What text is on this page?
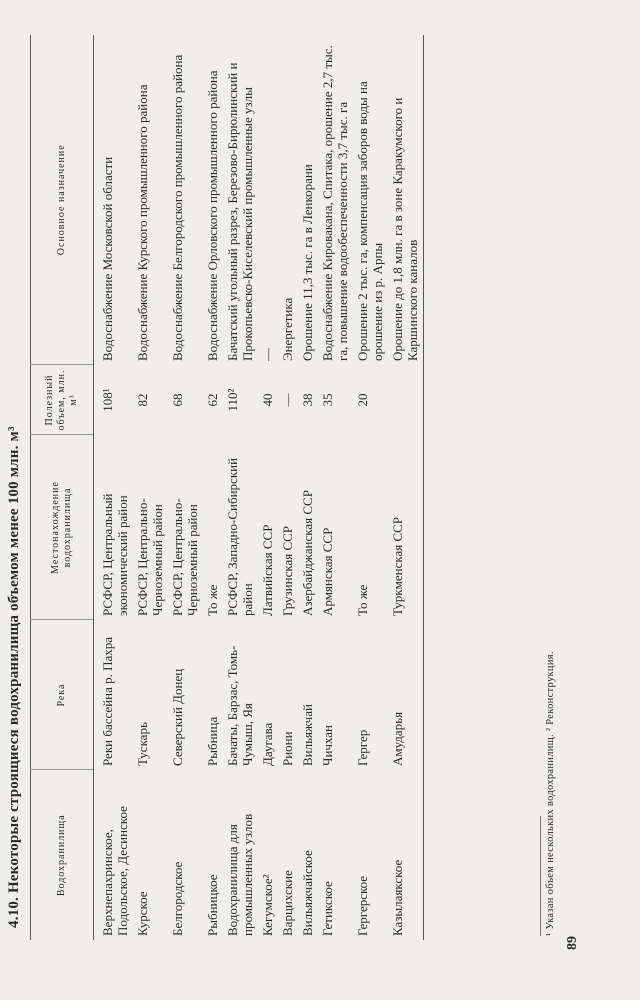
4.10. Некоторые строящиеся водохранилища объемом менее 100 млн. м³	Водохранилища	Река	Местонахождение водохранилища	Полезный объем, млн. м³	Основное назначение
Верхнепахринское, Подольское, Десинское	Реки бассейна р. Пахра	РСФСР, Центральный экономический район	108¹	Водоснабжение Московской области
Курское	Тускарь	РСФСР, Центрально-Черноземный район	82	Водоснабжение Курского промышленного района
Белгородское	Северский Донец	РСФСР, Центрально-Черноземный район	68	Водоснабжение Белгородского промышленного района
Рыбницкое	Рыбница	То же	62	Водоснабжение Орловского промышленного района
Водохранилища для промышленных узлов	Бачаты, Барзас, Томь-Чумыш, Яя	РСФСР, Западно-Сибирский район	110²	Бачатский угольный разрез, Березово-Бирюлинский и Прокопьевско-Киселевский промышленные узлы
Кегумское²	Даугава	Латвийская ССР	40	—
Варцихские	Риони	Грузинская ССР	—	Энергетика
Вильяжчайское	Вильяжчай	Азербайджанская ССР	38	Орошение 11,3 тыс. га в Ленкорани
Гетикское	Чичхан	Армянская ССР	35	Водоснабжение Кировакана, Спитака, орошение 2,7 тыс. га, повышение водообеспеченности 3,7 тыс. га
Гергерское	Гергер	То же	20	Орошение 2 тыс. га, компенсация заборов воды на орошение из р. Арпы
Казылаякское	Амударья	Туркменская ССР		Орошение до 1,8 млн. га в зоне Каракумского и Каршинского каналов
¹ Указан объем нескольких водохранилищ. ² Реконструкция.
89
